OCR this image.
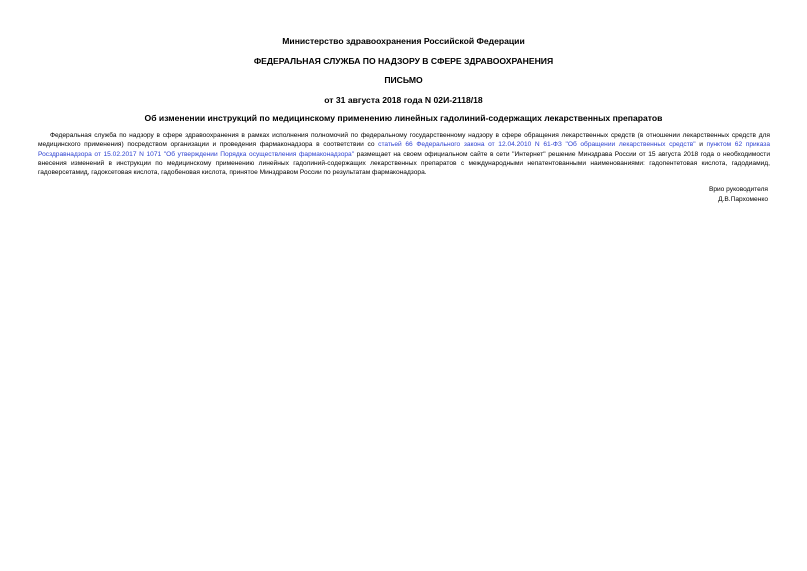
Министерство здравоохранения Российской Федерации
ФЕДЕРАЛЬНАЯ СЛУЖБА ПО НАДЗОРУ В СФЕРЕ ЗДРАВООХРАНЕНИЯ
ПИСЬМО
от 31 августа 2018 года N 02И-2118/18
Об изменении инструкций по медицинскому применению линейных гадолиний-содержащих лекарственных препаратов

Федеральная служба по надзору в сфере здравоохранения в рамках исполнения полномочий по федеральному государственному надзору в сфере обращения лекарственных средств (в отношении лекарственных средств для медицинского применения) посредством организации и проведения фармаконадзора в соответствии со статьей 66 Федерального закона от 12.04.2010 N 61-ФЗ "Об обращении лекарственных средств" и пунктом 62 приказа Росздравнадзора от 15.02.2017 N 1071 "Об утверждении Порядка осуществления фармаконадзора" размещает на своем официальном сайте в сети "Интернет" решение Минздрава России от 15 августа 2018 года о необходимости внесения изменений в инструкции по медицинскому применению линейных гадолиний-содержащих лекарственных препаратов с международными непатентованными наименованиями: гадопентетовая кислота, гадодиамид, гадоверсетамид, гадоксетовая кислота, гадобеновая кислота, принятое Минздравом России по результатам фармаконадзора.

Врио руководителя
Д.В.Пархоменко
